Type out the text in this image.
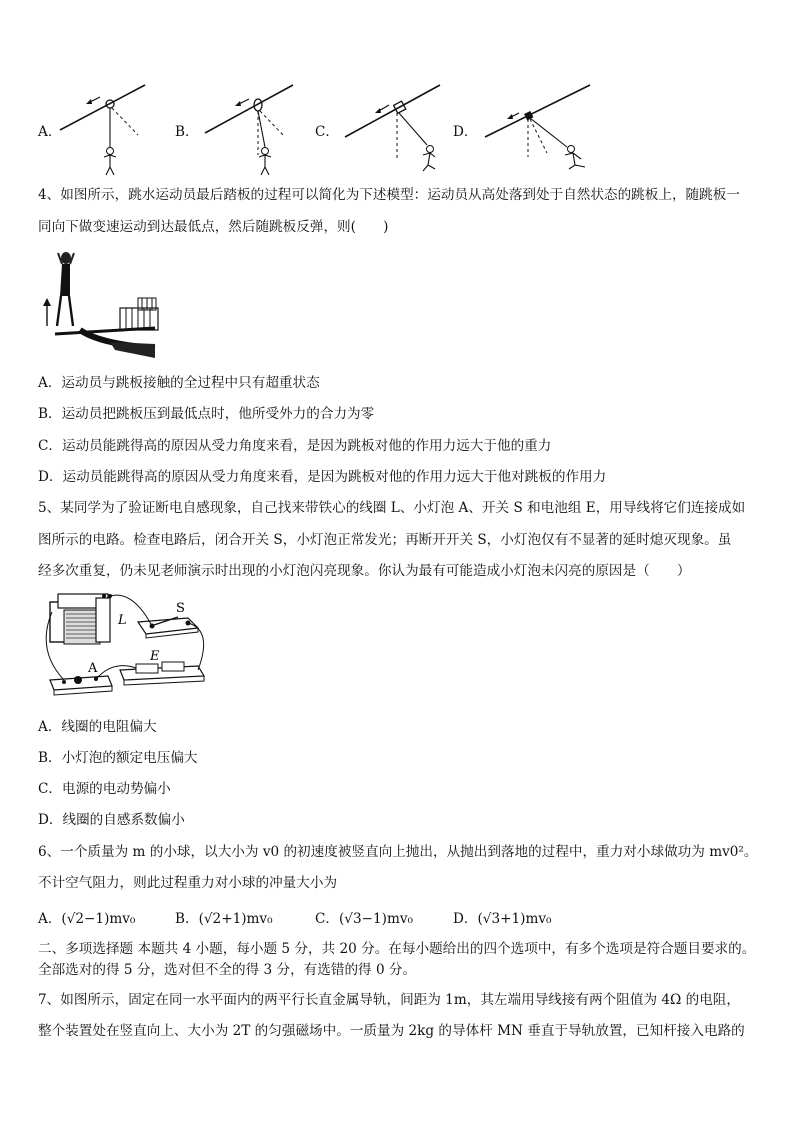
A．	B．	C．	D．
4、如图所示，跳水运动员最后踏板的过程可以简化为下述模型：运动员从高处落到处于自然状态的跳板上，随跳板一
同向下做变速运动到达最低点，然后随跳板反弹，则(　　)
A．运动员与跳板接触的全过程中只有超重状态
B．运动员把跳板压到最低点时，他所受外力的合力为零
C．运动员能跳得高的原因从受力角度来看，是因为跳板对他的作用力远大于他的重力
D．运动员能跳得高的原因从受力角度来看，是因为跳板对他的作用力远大于他对跳板的作用力
5、某同学为了验证断电自感现象，自己找来带铁心的线圈 L、小灯泡 A、开关 S 和电池组 E，用导线将它们连接成如
图所示的电路。检查电路后，闭合开关 S，小灯泡正常发光；再断开开关 S，小灯泡仅有不显著的延时熄灭现象。虽
经多次重复，仍未见老师演示时出现的小灯泡闪亮现象。你认为最有可能造成小灯泡未闪亮的原因是（　　）
S
L
E
A
A．线圈的电阻偏大
B．小灯泡的额定电压偏大
C．电源的电动势偏小
D．线圈的自感系数偏小
6、一个质量为 m 的小球，以大小为 v0 的初速度被竖直向上抛出，从抛出到落地的过程中，重力对小球做功为 mv0²。
不计空气阻力，则此过程重力对小球的冲量大小为
A．(√2−1)mv₀	B．(√2+1)mv₀	C．(√3−1)mv₀	D．(√3+1)mv₀
二、多项选择题 本题共 4 小题，每小题 5 分，共 20 分。在每小题给出的四个选项中，有多个选项是符合题目要求的。
全部选对的得 5 分，选对但不全的得 3 分，有选错的得 0 分。
7、如图所示，固定在同一水平面内的两平行长直金属导轨，间距为 1m，其左端用导线接有两个阻值为 4Ω 的电阻，
整个装置处在竖直向上、大小为 2T 的匀强磁场中。一质量为 2kg 的导体杆 MN 垂直于导轨放置，已知杆接入电路的
